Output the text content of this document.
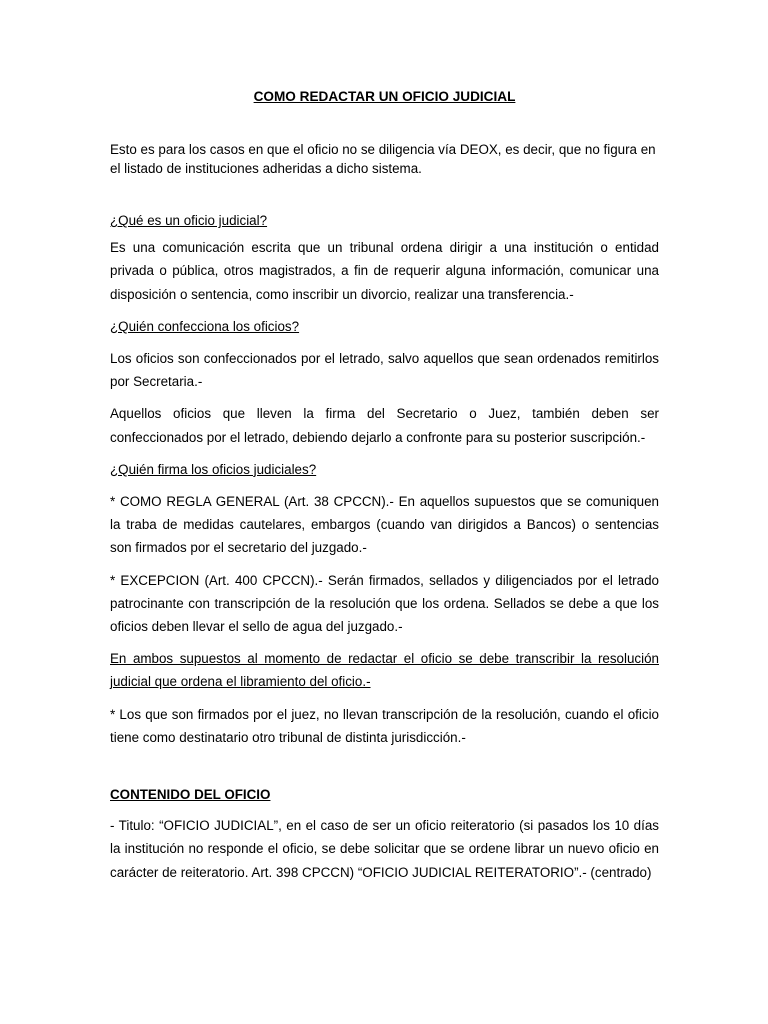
COMO REDACTAR UN OFICIO JUDICIAL
Esto es para los casos en que el oficio no se diligencia vía DEOX, es decir, que no figura en el listado de instituciones adheridas a dicho sistema.

¿Qué es un oficio judicial?

Es una comunicación escrita que un tribunal ordena dirigir a una institución o entidad privada o pública, otros magistrados, a fin de requerir alguna información, comunicar una disposición o sentencia, como inscribir un divorcio, realizar una transferencia.-

¿Quién confecciona los oficios?

Los oficios son confeccionados por el letrado, salvo aquellos que sean ordenados remitirlos por Secretaria.-

Aquellos oficios que lleven la firma del Secretario o Juez, también deben ser confeccionados por el letrado, debiendo dejarlo a confronte para su posterior suscripción.-

¿Quién firma los oficios judiciales?

* COMO REGLA GENERAL (Art. 38 CPCCN).- En aquellos supuestos que se comuniquen la traba de medidas cautelares, embargos (cuando van dirigidos a Bancos) o sentencias son firmados por el secretario del juzgado.-

* EXCEPCION (Art. 400 CPCCN).- Serán firmados, sellados y diligenciados por el letrado patrocinante con transcripción de la resolución que los ordena. Sellados se debe a que los oficios deben llevar el sello de agua del juzgado.-

En ambos supuestos al momento de redactar el oficio se debe transcribir la resolución judicial que ordena el libramiento del oficio.-

* Los que son firmados por el juez, no llevan transcripción de la resolución, cuando el oficio tiene como destinatario otro tribunal de distinta jurisdicción.-

CONTENIDO DEL OFICIO

- Titulo: “OFICIO JUDICIAL”, en el caso de ser un oficio reiteratorio (si pasados los 10 días la institución no responde el oficio, se debe solicitar que se ordene librar un nuevo oficio en carácter de reiteratorio. Art. 398 CPCCN) “OFICIO JUDICIAL REITERATORIO”.- (centrado)
